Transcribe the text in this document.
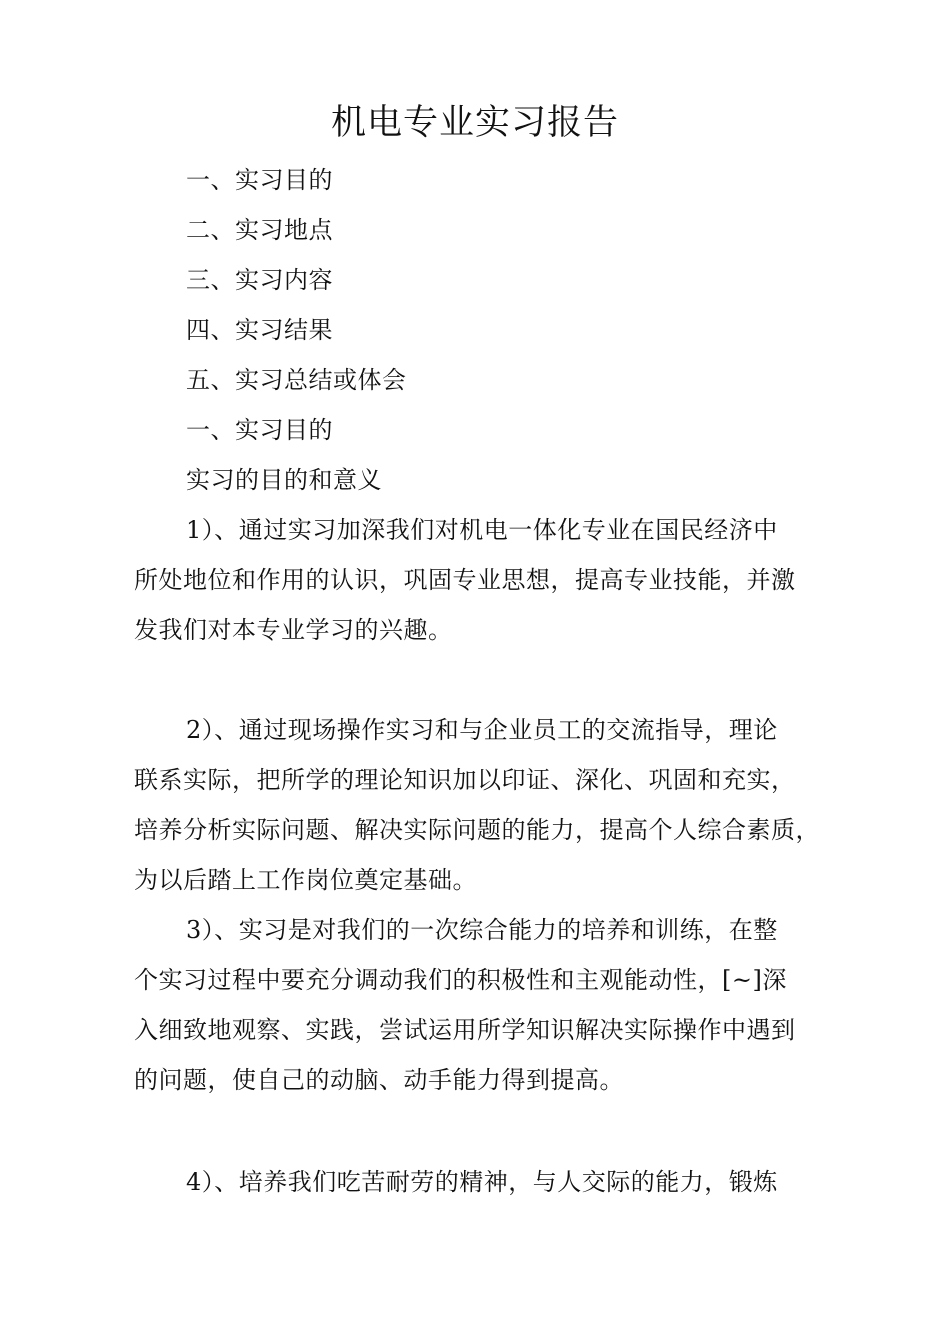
机电专业实习报告
一、实习目的
二、实习地点
三、实习内容
四、实习结果
五、实习总结或体会
一、实习目的
实习的目的和意义
1）、通过实习加深我们对机电一体化专业在国民经济中
所处地位和作用的认识，巩固专业思想，提高专业技能，并激
发我们对本专业学习的兴趣。
2）、通过现场操作实习和与企业员工的交流指导，理论
联系实际，把所学的理论知识加以印证、深化、巩固和充实，
培养分析实际问题、解决实际问题的能力，提高个人综合素质，
为以后踏上工作岗位奠定基础。
3）、实习是对我们的一次综合能力的培养和训练，在整
个实习过程中要充分调动我们的积极性和主观能动性，[~]深
入细致地观察、实践，尝试运用所学知识解决实际操作中遇到
的问题，使自己的动脑、动手能力得到提高。
4）、培养我们吃苦耐劳的精神，与人交际的能力，锻炼
